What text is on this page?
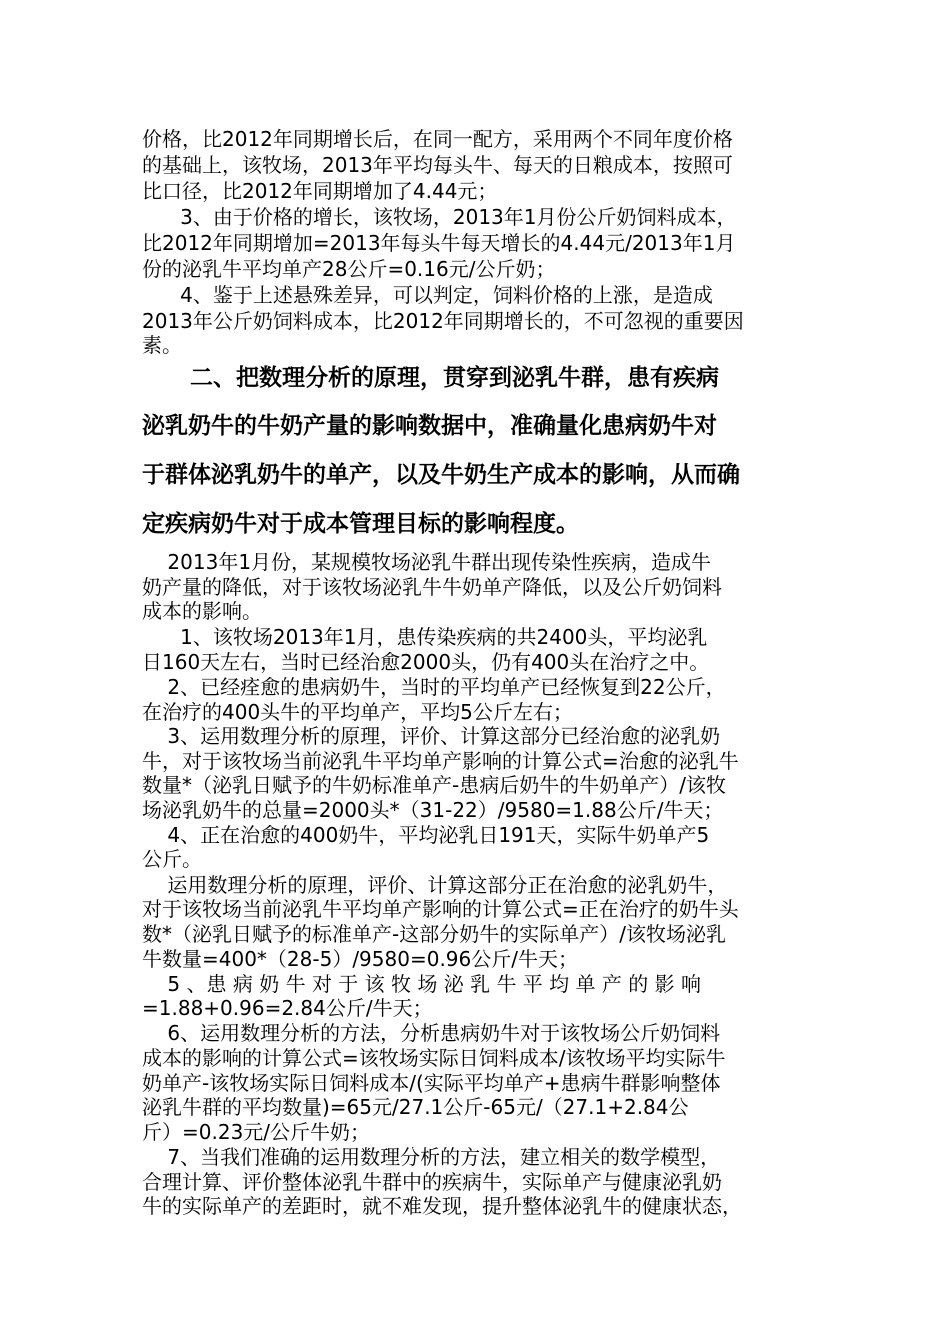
价格，比2012年同期增长后，在同一配方，采用两个不同年度价格

的基础上，该牧场，2013年平均每头牛、每天的日粮成本，按照可

比口径，比2012年同期增加了4.44元；

3、由于价格的增长，该牧场，2013年1月份公斤奶饲料成本，

比2012年同期增加=2013年每头牛每天增长的4.44元/2013年1月

份的泌乳牛平均单产28公斤=0.16元/公斤奶；

4、鉴于上述悬殊差异，可以判定，饲料价格的上涨，是造成

2013年公斤奶饲料成本，比2012年同期增长的，不可忽视的重要因

素。

二、把数理分析的原理，贯穿到泌乳牛群，患有疾病

泌乳奶牛的牛奶产量的影响数据中，准确量化患病奶牛对

于群体泌乳奶牛的单产，以及牛奶生产成本的影响，从而确

定疾病奶牛对于成本管理目标的影响程度。

2013年1月份，某规模牧场泌乳牛群出现传染性疾病，造成牛

奶产量的降低，对于该牧场泌乳牛牛奶单产降低，以及公斤奶饲料

成本的影响。

1、该牧场2013年1月，患传染疾病的共2400头，平均泌乳

日160天左右，当时已经治愈2000头，仍有400头在治疗之中。

2、已经痊愈的患病奶牛，当时的平均单产已经恢复到22公斤，

在治疗的400头牛的平均单产，平均5公斤左右；

3、运用数理分析的原理，评价、计算这部分已经治愈的泌乳奶

牛，对于该牧场当前泌乳牛平均单产影响的计算公式=治愈的泌乳牛

数量*（泌乳日赋予的牛奶标准单产-患病后奶牛的牛奶单产）/该牧

场泌乳奶牛的总量=2000头*（31-22）/9580=1.88公斤/牛天；

4、正在治愈的400奶牛，平均泌乳日191天，实际牛奶单产5

公斤。

运用数理分析的原理，评价、计算这部分正在治愈的泌乳奶牛，

对于该牧场当前泌乳牛平均单产影响的计算公式=正在治疗的奶牛头

数*（泌乳日赋予的标准单产-这部分奶牛的实际单产）/该牧场泌乳

牛数量=400*（28-5）/9580=0.96公斤/牛天；

5 、患 病 奶 牛 对 于 该 牧 场 泌 乳 牛 平 均 单 产 的 影 响

=1.88+0.96=2.84公斤/牛天；

6、运用数理分析的方法，分析患病奶牛对于该牧场公斤奶饲料

成本的影响的计算公式=该牧场实际日饲料成本/该牧场平均实际牛

奶单产-该牧场实际日饲料成本/(实际平均单产+患病牛群影响整体

泌乳牛群的平均数量)=65元/27.1公斤-65元/（27.1+2.84公

斤）=0.23元/公斤牛奶；

7、当我们准确的运用数理分析的方法，建立相关的数学模型，

合理计算、评价整体泌乳牛群中的疾病牛，实际单产与健康泌乳奶

牛的实际单产的差距时，就不难发现，提升整体泌乳牛的健康状态，
